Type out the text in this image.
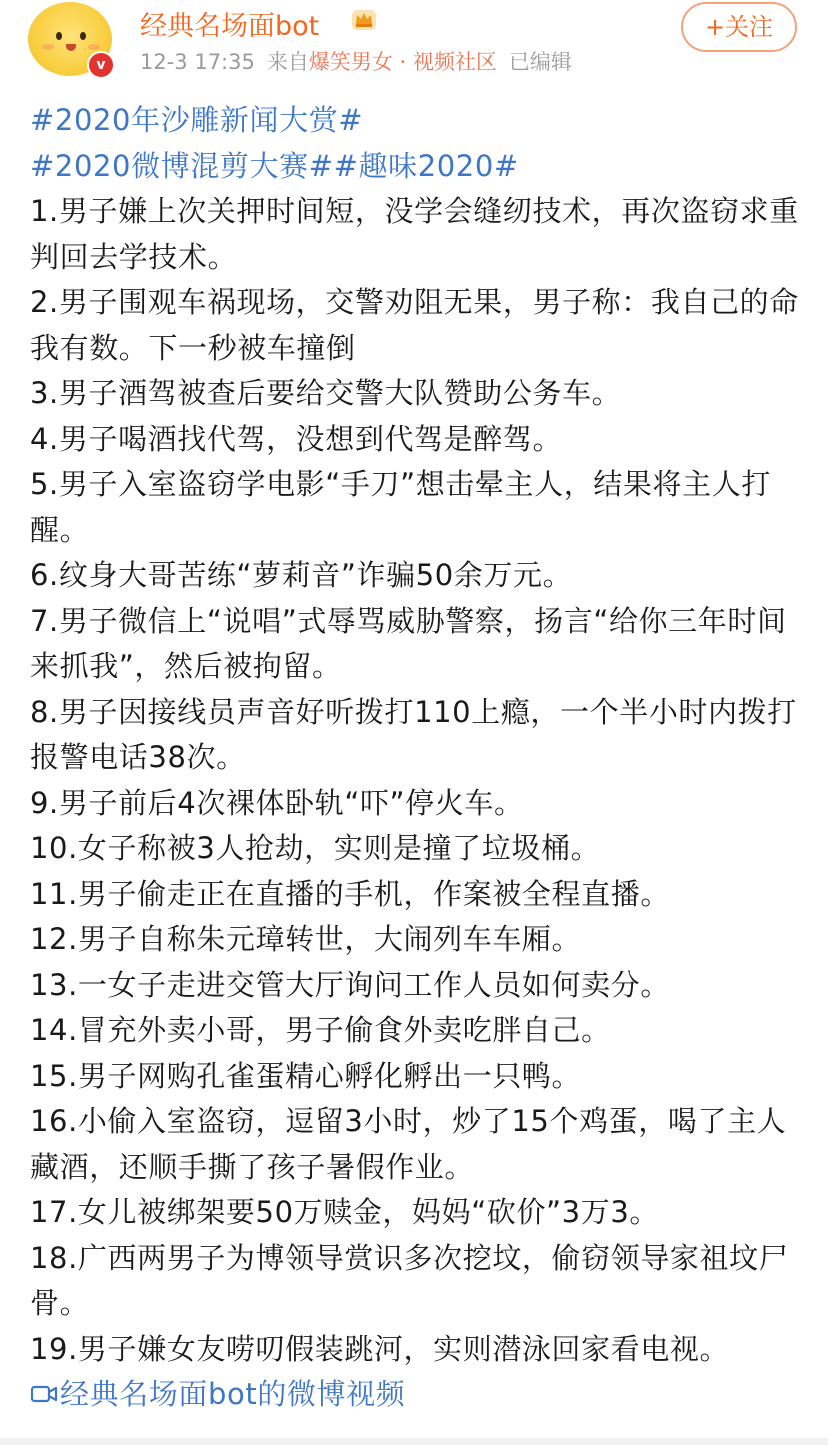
v
经典名场面bot
12-3 17:35 来自爆笑男女 · 视频社区 已编辑
+关注

#2020年沙雕新闻大赏#

#2020微博混剪大赛##趣味2020#

1.男子嫌上次关押时间短，没学会缝纫技术，再次盗窃求重判回去学技术。

2.男子围观车祸现场，交警劝阻无果，男子称：我自己的命我有数。下一秒被车撞倒

3.男子酒驾被查后要给交警大队赞助公务车。

4.男子喝酒找代驾，没想到代驾是醉驾。

5.男子入室盗窃学电影“手刀”想击晕主人，结果将主人打醒。

6.纹身大哥苦练“萝莉音”诈骗50余万元。

7.男子微信上“说唱”式辱骂威胁警察，扬言“给你三年时间来抓我”，然后被拘留。

8.男子因接线员声音好听拨打110上瘾，一个半小时内拨打报警电话38次。

9.男子前后4次裸体卧轨“吓”停火车。

10.女子称被3人抢劫，实则是撞了垃圾桶。

11.男子偷走正在直播的手机，作案被全程直播。

12.男子自称朱元璋转世，大闹列车车厢。

13.一女子走进交管大厅询问工作人员如何卖分。

14.冒充外卖小哥，男子偷食外卖吃胖自己。

15.男子网购孔雀蛋精心孵化孵出一只鸭。

16.小偷入室盗窃，逗留3小时，炒了15个鸡蛋，喝了主人藏酒，还顺手撕了孩子暑假作业。

17.女儿被绑架要50万赎金，妈妈“砍价”3万3。

18.广西两男子为博领导赏识多次挖坟，偷窃领导家祖坟尸骨。

19.男子嫌女友唠叨假装跳河，实则潜泳回家看电视。

经典名场面bot的微博视频
